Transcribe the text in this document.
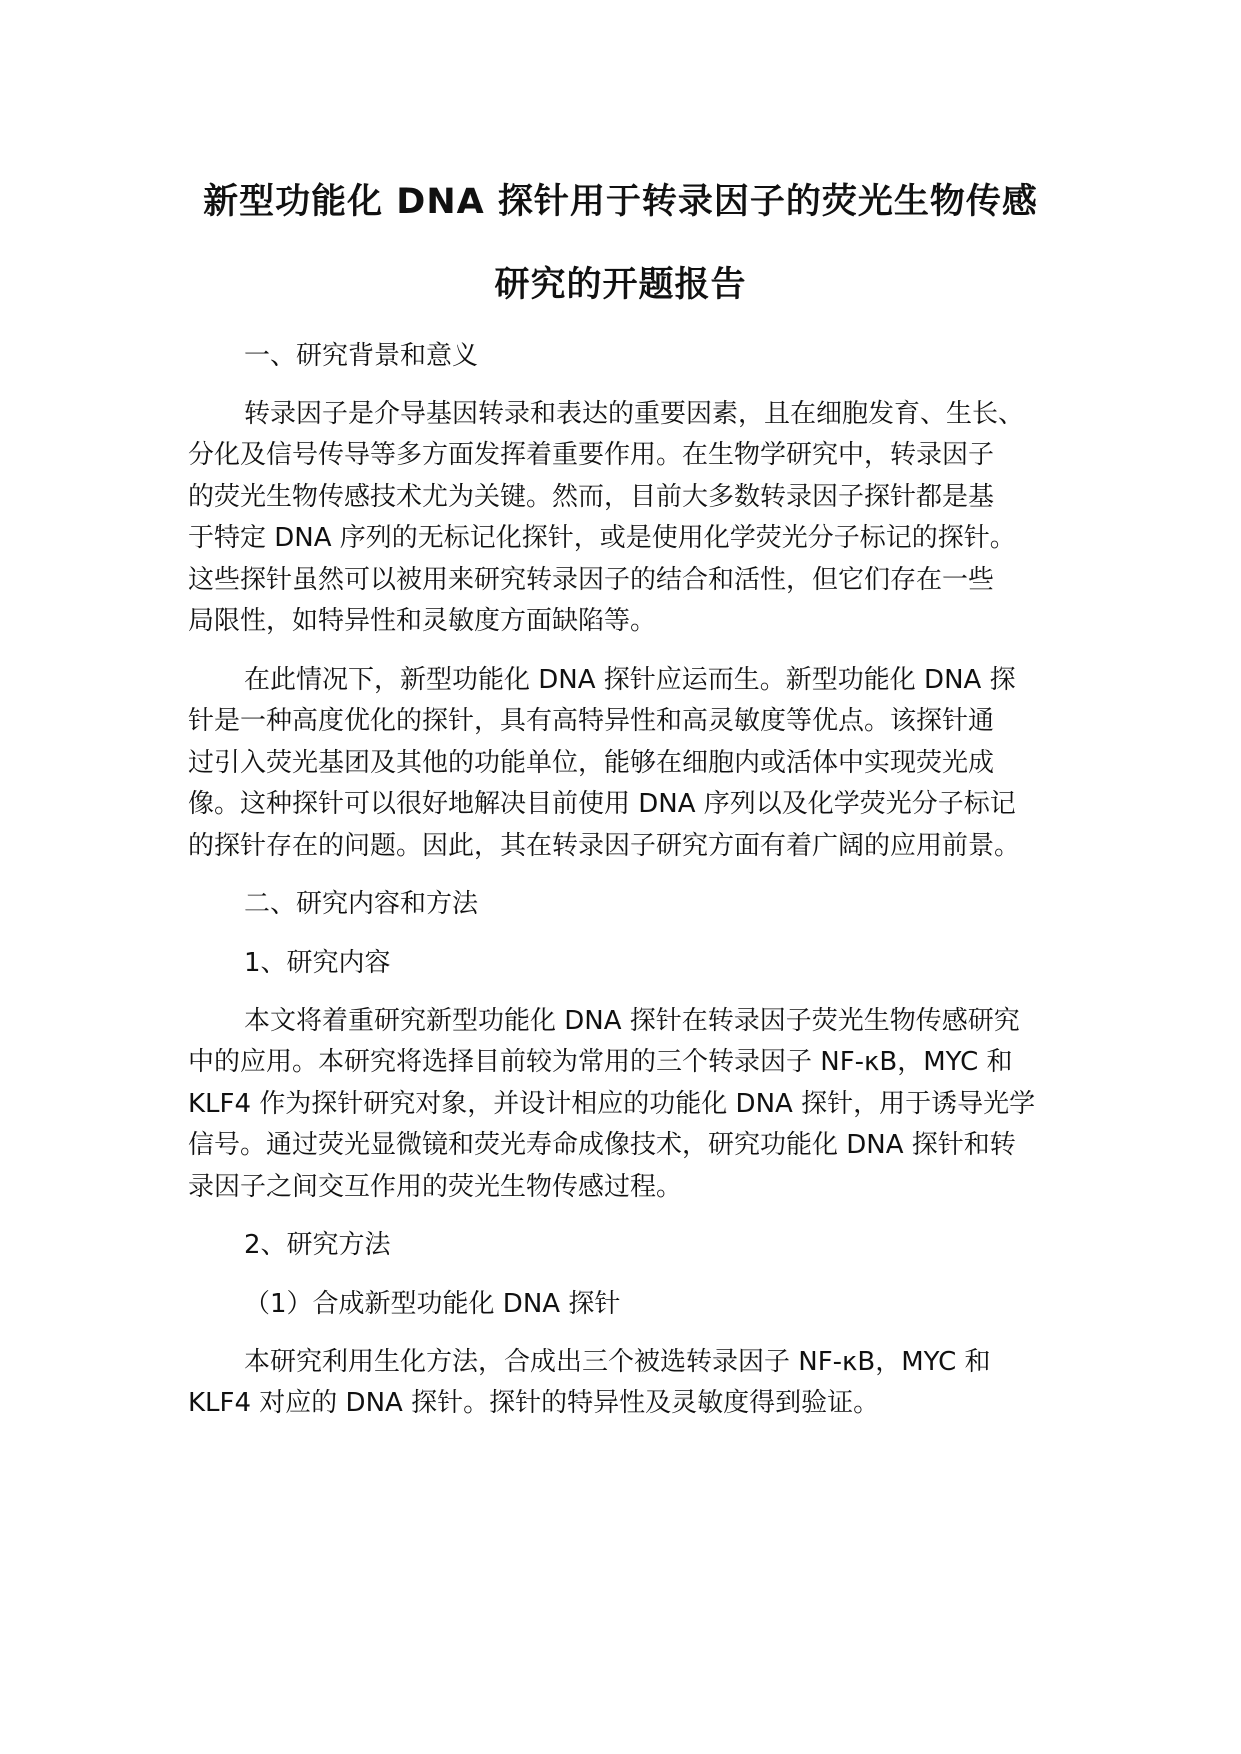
新型功能化 DNA 探针用于转录因子的荧光生物传感
研究的开题报告

一、研究背景和意义

转录因子是介导基因转录和表达的重要因素，且在细胞发育、生长、

分化及信号传导等多方面发挥着重要作用。在生物学研究中，转录因子

的荧光生物传感技术尤为关键。然而，目前大多数转录因子探针都是基

于特定 DNA 序列的无标记化探针，或是使用化学荧光分子标记的探针。

这些探针虽然可以被用来研究转录因子的结合和活性，但它们存在一些

局限性，如特异性和灵敏度方面缺陷等。

在此情况下，新型功能化 DNA 探针应运而生。新型功能化 DNA 探

针是一种高度优化的探针，具有高特异性和高灵敏度等优点。该探针通

过引入荧光基团及其他的功能单位，能够在细胞内或活体中实现荧光成

像。这种探针可以很好地解决目前使用 DNA 序列以及化学荧光分子标记

的探针存在的问题。因此，其在转录因子研究方面有着广阔的应用前景。

二、研究内容和方法

1、研究内容

本文将着重研究新型功能化 DNA 探针在转录因子荧光生物传感研究

中的应用。本研究将选择目前较为常用的三个转录因子 NF-κB，MYC 和

KLF4 作为探针研究对象，并设计相应的功能化 DNA 探针，用于诱导光学

信号。通过荧光显微镜和荧光寿命成像技术，研究功能化 DNA 探针和转

录因子之间交互作用的荧光生物传感过程。

2、研究方法

（1）合成新型功能化 DNA 探针

本研究利用生化方法，合成出三个被选转录因子 NF-κB，MYC 和

KLF4 对应的 DNA 探针。探针的特异性及灵敏度得到验证。
